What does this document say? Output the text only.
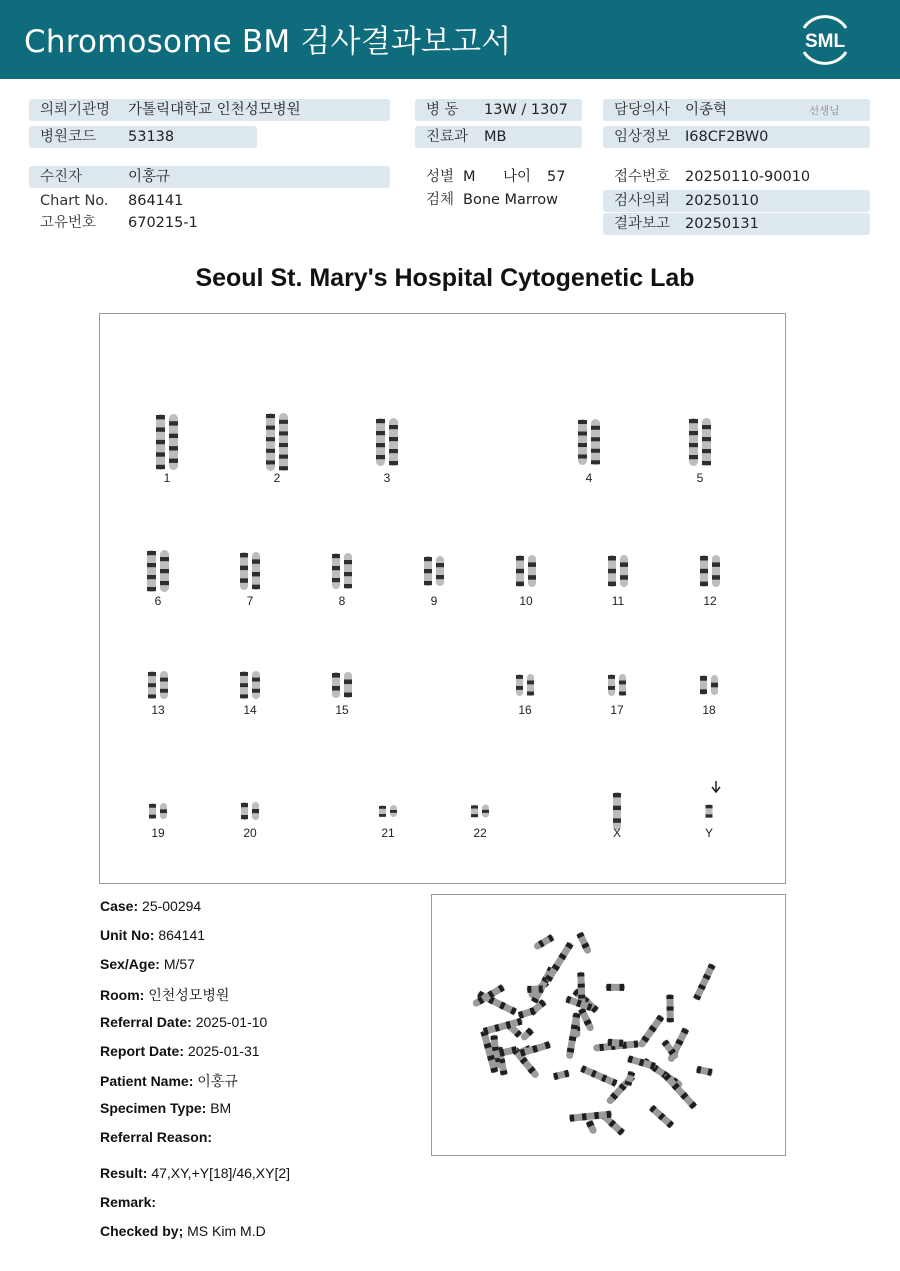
Chromosome BM 검사결과보고서	SML
의뢰기관명 가톨릭대학교 인천성모병원
병원코드 53138
병 동 13W / 1307
진료과 MB
담당의사 이종혁	선생님
임상정보 I68CF2BW0
수진자	이홍규
Chart No. 864141
고유번호 670215-1
성별 M 나이 57
검체 Bone Marrow
접수번호 20250110-90010
검사의뢰 20250110
결과보고 20250131
Seoul St. Mary's Hospital Cytogenetic Lab
1	2	3	4	5
6	7	8	9	10	11	12
13	14	15	16	17	18
19	20	21	22	X	Y
Case: 25-00294
Unit No: 864141
Sex/Age: M/57
Room: 인천성모병원
Referral Date: 2025-01-10
Report Date: 2025-01-31
Patient Name: 이홍규
Specimen Type: BM
Referral Reason:
Result: 47,XY,+Y[18]/46,XY[2]
Remark:
Checked by; MS Kim M.D
